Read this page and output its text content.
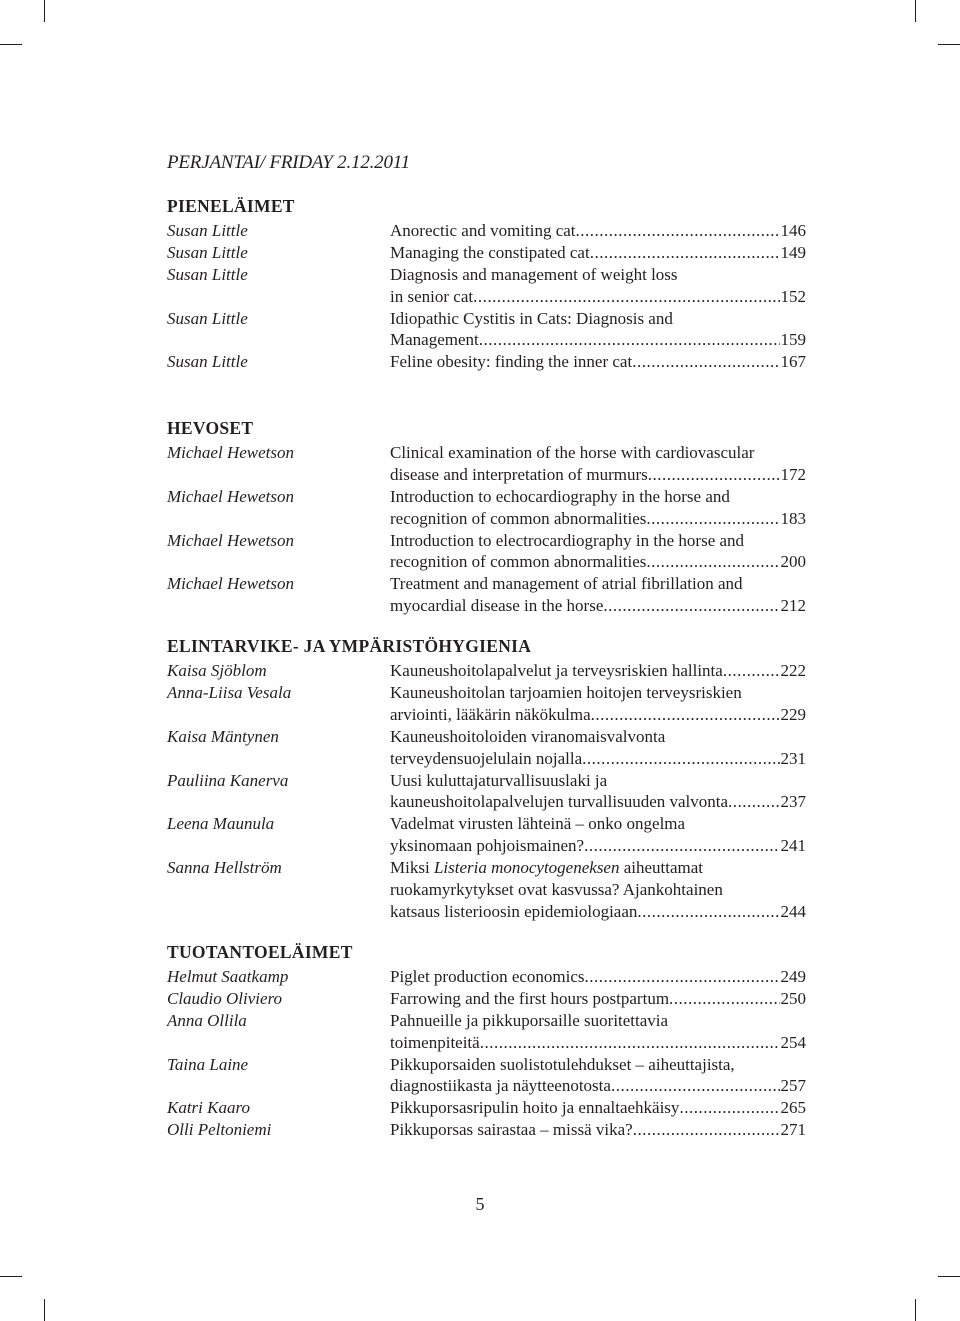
PERJANTAI/ FRIDAY 2.12.2011
PIENELÄIMET
Susan Little	Anorectic and vomiting cat .....	146
Susan Little	Managing the constipated cat .....	149
Susan Little	Diagnosis and management of weight loss
in senior cat .....	152
Susan Little	Idiopathic Cystitis in Cats: Diagnosis and
Management .....	159
Susan Little	Feline obesity: finding the inner cat .....	167
HEVOSET
Michael Hewetson	Clinical examination of the horse with cardiovascular
disease and interpretation of murmurs .....	172
Michael Hewetson	Introduction to echocardiography in the horse and
recognition of common abnormalities .....	183
Michael Hewetson	Introduction to electrocardiography in the horse and
recognition of common abnormalities .....	200
Michael Hewetson	Treatment and management of atrial fibrillation and
myocardial disease in the horse .....	212
ELINTARVIKE- JA YMPÄRISTÖHYGIENIA
Kaisa Sjöblom	Kauneushoitolapalvelut ja terveysriskien hallinta .....	222
Anna-Liisa Vesala	Kauneushoitolan tarjoamien hoitojen terveysriskien
arviointi, lääkärin näkökulma .....	229
Kaisa Mäntynen	Kauneushoitoloiden viranomaisvalvonta
terveydensuojelulain nojalla .....	231
Pauliina Kanerva	Uusi kuluttajaturvallisuuslaki ja
kauneushoitolapalvelujen turvallisuuden valvonta .....	237
Leena Maunula	Vadelmat virusten lähteinä – onko ongelma
yksinomaan pohjoismainen? .....	241
Sanna Hellström	Miksi Listeria monocytogeneksen aiheuttamat
ruokamyrkytykset ovat kasvussa? Ajankohtainen
katsaus listerioosin epidemiologiaan .....	244
TUOTANTOELÄIMET
Helmut Saatkamp	Piglet production economics .....	249
Claudio Oliviero	Farrowing and the first hours postpartum .....	250
Anna Ollila	Pahnueille ja pikkuporsaille suoritettavia
toimenpiteitä .....	254
Taina Laine	Pikkuporsaiden suolistotulehdukset – aiheuttajista,
diagnostiikasta ja näytteenotosta .....	257
Katri Kaaro	Pikkuporsasripulin hoito ja ennaltaehkäisy .....	265
Olli Peltoniemi	Pikkuporsas sairastaa – missä vika? .....	271
5
